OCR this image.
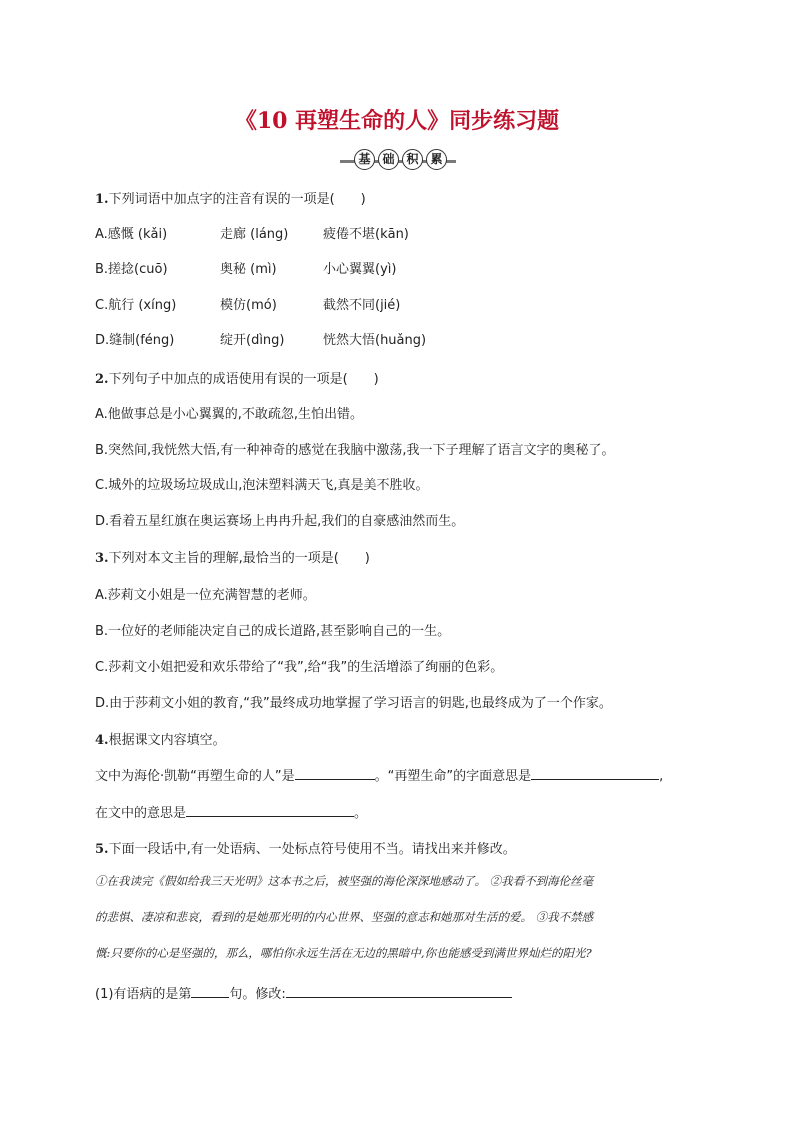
《10 再塑生命的人》同步练习题
基 础 积 累
1.下列词语中加点字的注音有误的一项是(　　)
A.感慨 (kǎi)	走廊 (láng)	疲倦不堪(kān)
B.搓捻(cuō)	奥秘 (mì)	小心翼翼(yì)
C.航行 (xíng)	模仿(mó)	截然不同(jié)
D.缝制(féng)	绽开(dìng)	恍然大悟(huǎng)
2.下列句子中加点的成语使用有误的一项是(　　)
A.他做事总是小心翼翼的,不敢疏忽,生怕出错。
B.突然间,我恍然大悟,有一种神奇的感觉在我脑中激荡,我一下子理解了语言文字的奥秘了。
C.城外的垃圾场垃圾成山,泡沫塑料满天飞,真是美不胜收。
D.看着五星红旗在奥运赛场上冉冉升起,我们的自豪感油然而生。
3.下列对本文主旨的理解,最恰当的一项是(　　)
A.莎莉文小姐是一位充满智慧的老师。
B.一位好的老师能决定自己的成长道路,甚至影响自己的一生。
C.莎莉文小姐把爱和欢乐带给了“我”,给“我”的生活增添了绚丽的色彩。
D.由于莎莉文小姐的教育,“我”最终成功地掌握了学习语言的钥匙,也最终成为了一个作家。
4.根据课文内容填空。
文中为海伦·凯勒“再塑生命的人”是	。“再塑生命”的字面意思是	,
在文中的意思是	。
5.下面一段话中,有一处语病、一处标点符号使用不当。请找出来并修改。
①在我读完《假如给我三天光明》这本书之后，被坚强的海伦深深地感动了。 ②我看不到海伦丝毫
的悲惧、凄凉和悲哀，看到的是她那光明的内心世界、坚强的意志和她那对生活的爱。 ③我不禁感
慨:只要你的心是坚强的，那么，哪怕你永远生活在无边的黑暗中,你也能感受到满世界灿烂的阳光?
(1)有语病的是第	句。修改:
